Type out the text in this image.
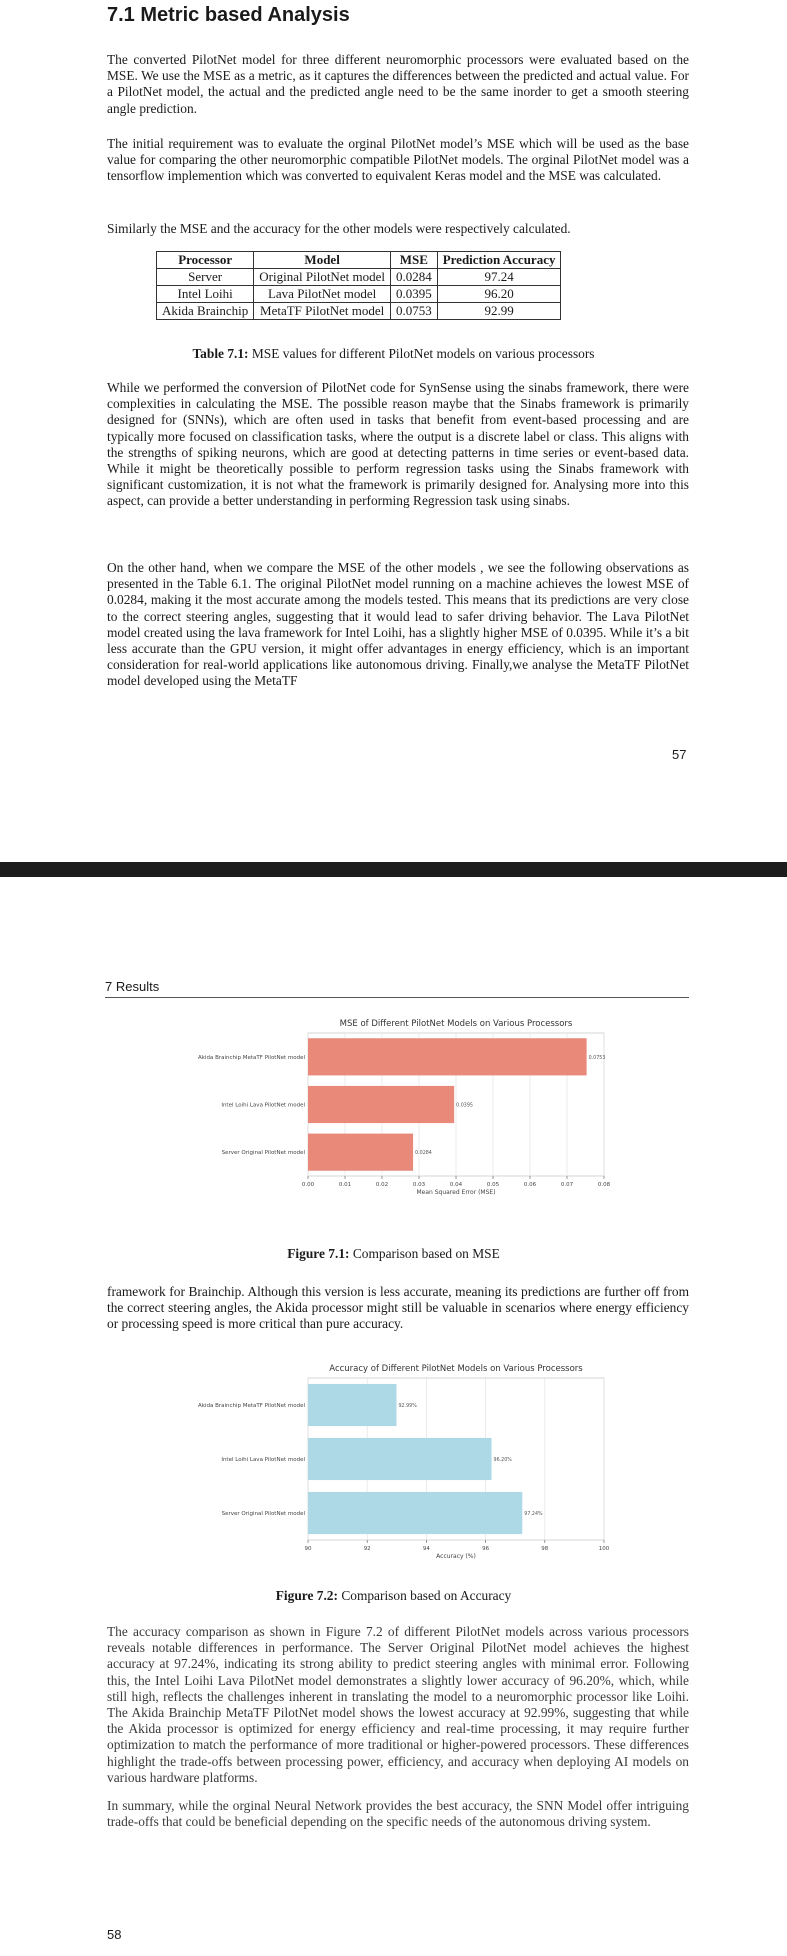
7.1 Metric based Analysis

The converted PilotNet model for three different neuromorphic processors were evaluated based on the MSE. We use the MSE as a metric, as it captures the differences between the predicted and actual value. For a PilotNet model, the actual and the predicted angle need to be the same inorder to get a smooth steering angle prediction.

The initial requirement was to evaluate the orginal PilotNet model’s MSE which will be used as the base value for comparing the other neuromorphic compatible PilotNet models. The orginal PilotNet model was a tensorflow implemention which was converted to equivalent Keras model and the MSE was calculated.

Similarly the MSE and the accuracy for the other models were respectively calculated.

Processor	Model	MSE	Prediction Accuracy
Server	Original PilotNet model	0.0284	97.24
Intel Loihi	Lava PilotNet model	0.0395	96.20
Akida Brainchip	MetaTF PilotNet model	0.0753	92.99
Table 7.1: MSE values for different PilotNet models on various processors

While we performed the conversion of PilotNet code for SynSense using the sinabs framework, there were complexities in calculating the MSE. The possible reason maybe that the Sinabs framework is primarily designed for (SNNs), which are often used in tasks that benefit from event-based processing and are typically more focused on classification tasks, where the output is a discrete label or class. This aligns with the strengths of spiking neurons, which are good at detecting patterns in time series or event-based data. While it might be theoretically possible to perform regression tasks using the Sinabs framework with significant customization, it is not what the framework is primarily designed for. Analysing more into this aspect, can provide a better understanding in performing Regression task using sinabs.

On the other hand, when we compare the MSE of the other models , we see the following observations as presented in the Table 6.1. The original PilotNet model running on a machine achieves the lowest MSE of 0.0284, making it the most accurate among the models tested. This means that its predictions are very close to the correct steering angles, suggesting that it would lead to safer driving behavior. The Lava PilotNet model created using the lava framework for Intel Loihi, has a slightly higher MSE of 0.0395. While it’s a bit less accurate than the GPU version, it might offer advantages in energy efficiency, which is an important consideration for real-world applications like autonomous driving. Finally,we analyse the MetaTF PilotNet model developed using the MetaTF

57
7 Results
MSE of Different PilotNet Models on Various Processors
0.00	0.01	0.02	0.03	0.04	0.05	0.06	0.07	0.08
Akida Brainchip MetaTF PilotNet model	0.0753
Intel Loihi Lava PilotNet model	0.0395
Server Original PilotNet model	0.0284
Mean Squared Error (MSE)
Figure 7.1: Comparison based on MSE

framework for Brainchip. Although this version is less accurate, meaning its predictions are further off from the correct steering angles, the Akida processor might still be valuable in scenarios where energy efficiency or processing speed is more critical than pure accuracy.

Accuracy of Different PilotNet Models on Various Processors
90	92	94	96	98	100
Akida Brainchip MetaTF PilotNet model	92.99%
Intel Loihi Lava PilotNet model	96.20%
Server Original PilotNet model	97.24%
Accuracy (%)
Figure 7.2: Comparison based on Accuracy

The accuracy comparison as shown in Figure 7.2 of different PilotNet models across various processors reveals notable differences in performance. The Server Original PilotNet model achieves the highest accuracy at 97.24%, indicating its strong ability to predict steering angles with minimal error. Following this, the Intel Loihi Lava PilotNet model demonstrates a slightly lower accuracy of 96.20%, which, while still high, reflects the challenges inherent in translating the model to a neuromorphic processor like Loihi. The Akida Brainchip MetaTF PilotNet model shows the lowest accuracy at 92.99%, suggesting that while the Akida processor is optimized for energy efficiency and real-time processing, it may require further optimization to match the performance of more traditional or higher-powered processors. These differences highlight the trade-offs between processing power, efficiency, and accuracy when deploying AI models on various hardware platforms.

In summary, while the orginal Neural Network provides the best accuracy, the SNN Model offer intriguing trade-offs that could be beneficial depending on the specific needs of the autonomous driving system.

58
